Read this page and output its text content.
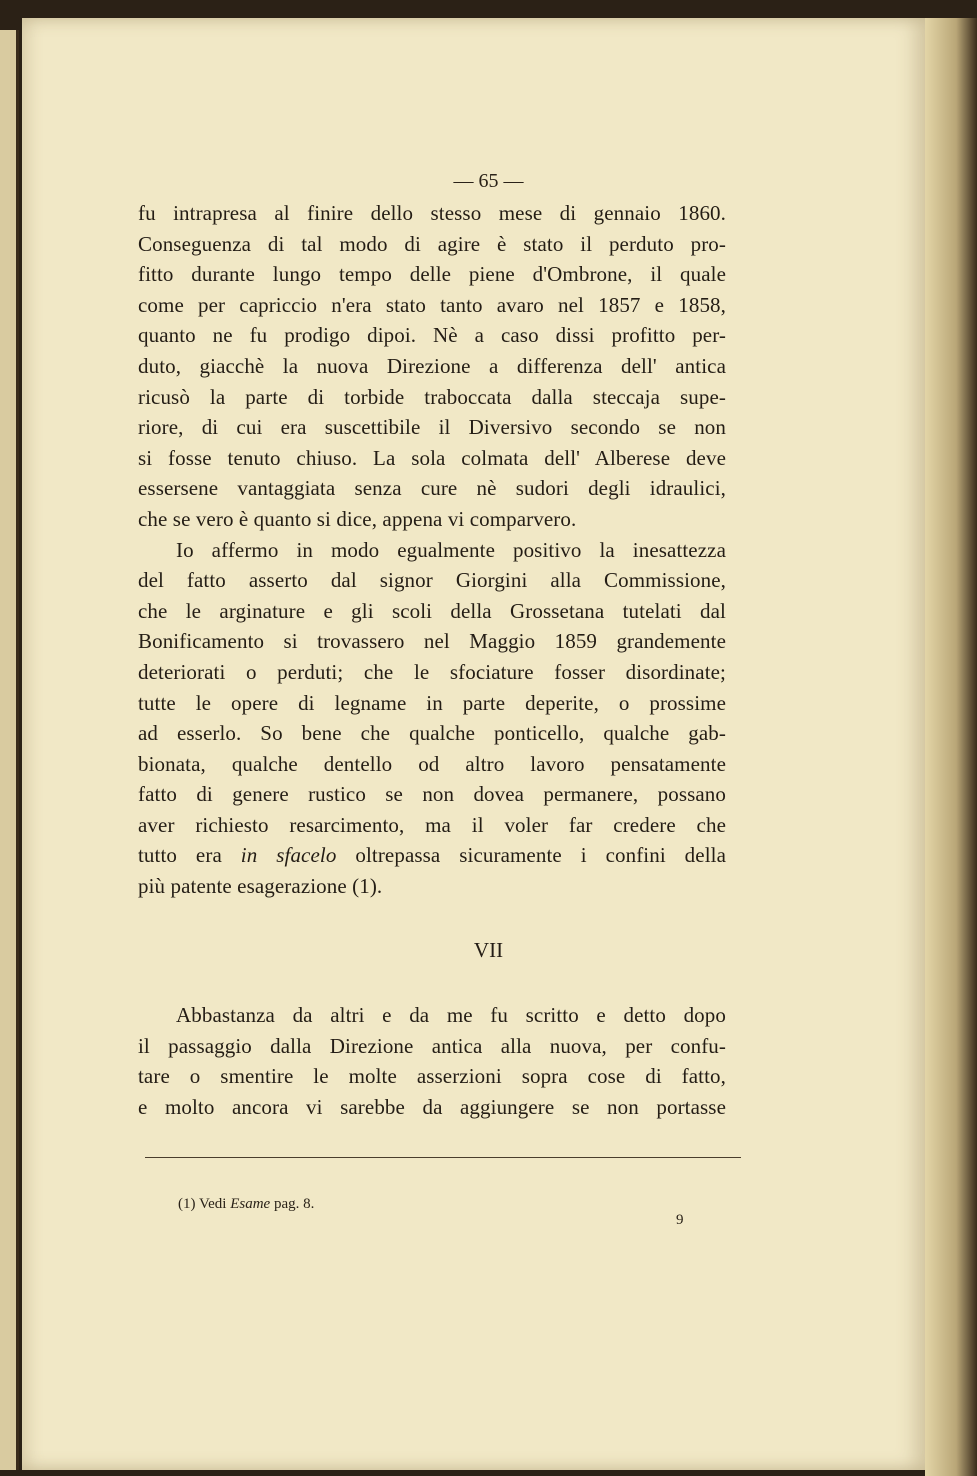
— 65 —
fu intrapresa al finire dello stesso mese di gennaio 1860.
Conseguenza di tal modo di agire è stato il perduto pro-
fitto durante lungo tempo delle piene d'Ombrone, il quale
come per capriccio n'era stato tanto avaro nel 1857 e 1858,
quanto ne fu prodigo dipoi. Nè a caso dissi profitto per-
duto, giacchè la nuova Direzione a differenza dell' antica
ricusò la parte di torbide traboccata dalla steccaja supe-
riore, di cui era suscettibile il Diversivo secondo se non
si fosse tenuto chiuso. La sola colmata dell' Alberese deve
essersene vantaggiata senza cure nè sudori degli idraulici,
che se vero è quanto si dice, appena vi comparvero.
Io affermo in modo egualmente positivo la inesattezza
del fatto asserto dal signor Giorgini alla Commissione,
che le arginature e gli scoli della Grossetana tutelati dal
Bonificamento si trovassero nel Maggio 1859 grandemente
deteriorati o perduti; che le sfociature fosser disordinate;
tutte le opere di legname in parte deperite, o prossime
ad esserlo. So bene che qualche ponticello, qualche gab-
bionata, qualche dentello od altro lavoro pensatamente
fatto di genere rustico se non dovea permanere, possano
aver richiesto resarcimento, ma il voler far credere che
tutto era in sfacelo oltrepassa sicuramente i confini della
più patente esagerazione (1).
VII
Abbastanza da altri e da me fu scritto e detto dopo
il passaggio dalla Direzione antica alla nuova, per confu-
tare o smentire le molte asserzioni sopra cose di fatto,
e molto ancora vi sarebbe da aggiungere se non portasse
(1) Vedi Esame pag. 8.
9
